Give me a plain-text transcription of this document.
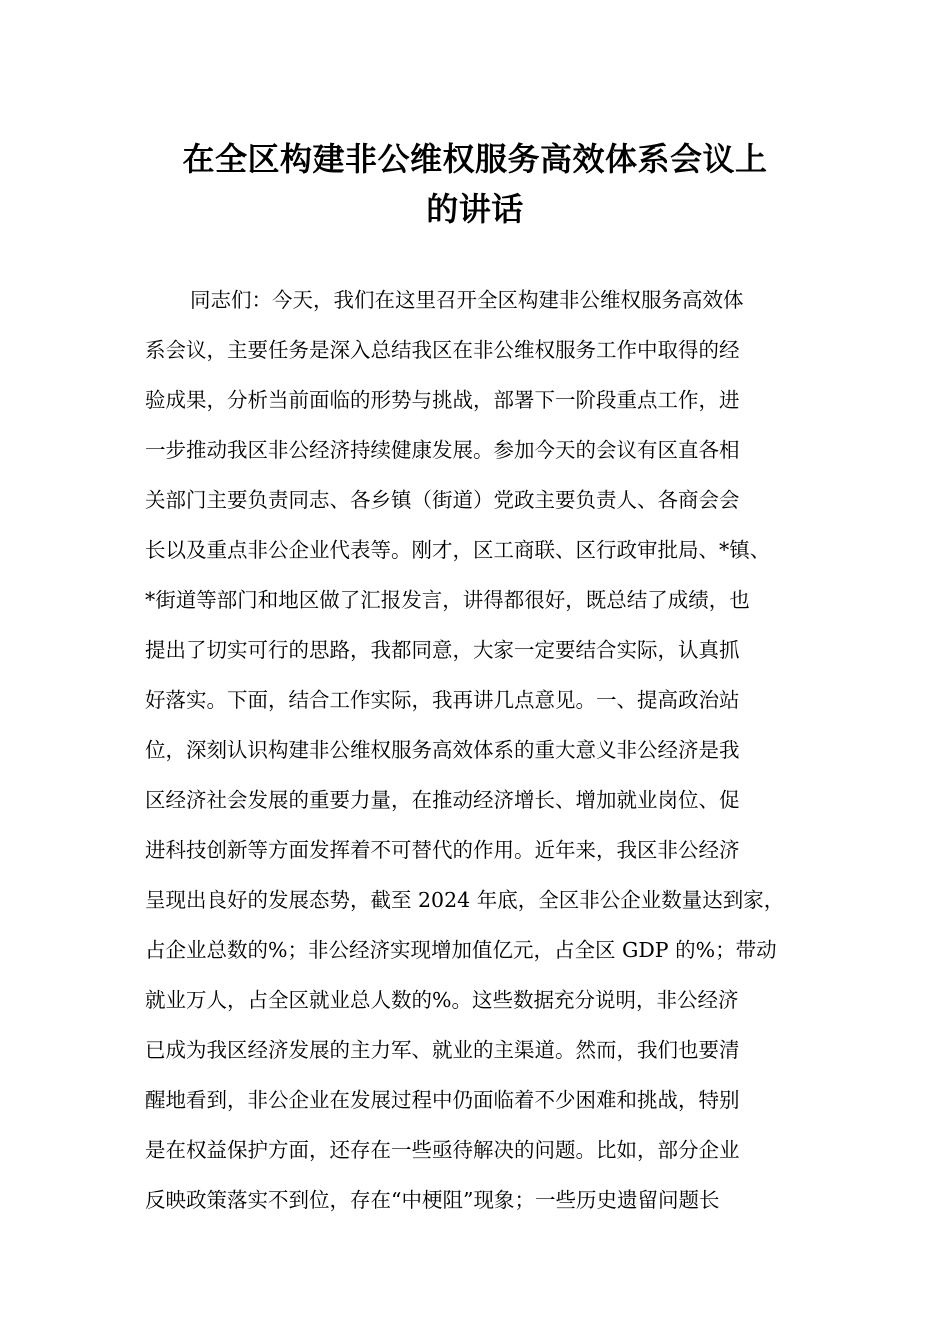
在全区构建非公维权服务高效体系会议上
的讲话
同志们：今天，我们在这里召开全区构建非公维权服务高效体
系会议，主要任务是深入总结我区在非公维权服务工作中取得的经
验成果，分析当前面临的形势与挑战，部署下一阶段重点工作，进
一步推动我区非公经济持续健康发展。参加今天的会议有区直各相
关部门主要负责同志、各乡镇（街道）党政主要负责人、各商会会
长以及重点非公企业代表等。刚才，区工商联、区行政审批局、*镇、
*街道等部门和地区做了汇报发言，讲得都很好，既总结了成绩，也
提出了切实可行的思路，我都同意，大家一定要结合实际，认真抓
好落实。下面，结合工作实际，我再讲几点意见。一、提高政治站
位，深刻认识构建非公维权服务高效体系的重大意义非公经济是我
区经济社会发展的重要力量，在推动经济增长、增加就业岗位、促
进科技创新等方面发挥着不可替代的作用。近年来，我区非公经济
呈现出良好的发展态势，截至 2024 年底，全区非公企业数量达到家，
占企业总数的%；非公经济实现增加值亿元，占全区 GDP 的%；带动
就业万人，占全区就业总人数的%。这些数据充分说明，非公经济
已成为我区经济发展的主力军、就业的主渠道。然而，我们也要清
醒地看到，非公企业在发展过程中仍面临着不少困难和挑战，特别
是在权益保护方面，还存在一些亟待解决的问题。比如，部分企业
反映政策落实不到位，存在“中梗阻”现象；一些历史遗留问题长
